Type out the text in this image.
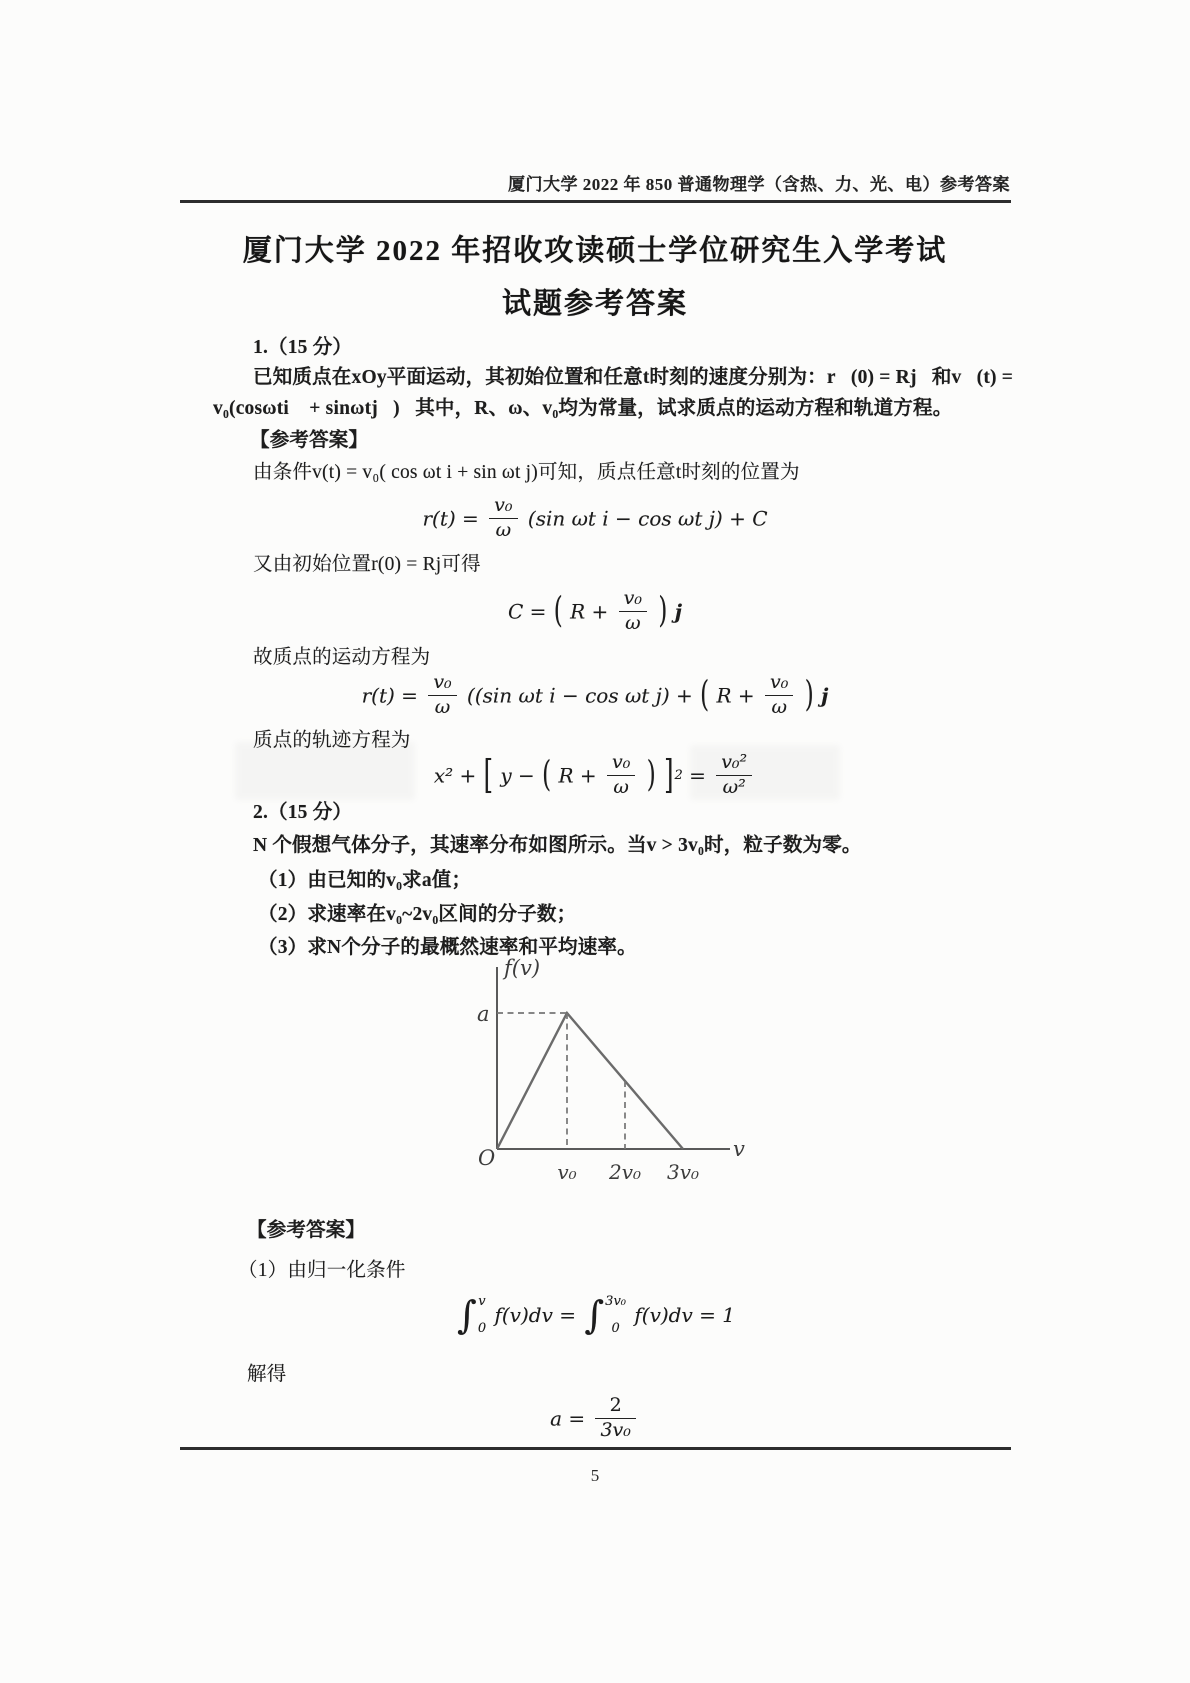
厦门大学 2022 年 850 普通物理学（含热、力、光、电）参考答案
厦门大学 2022 年招收攻读硕士学位研究生入学考试
试题参考答案
1.（15 分）
已知质点在xOy平面运动，其初始位置和任意t时刻的速度分别为：r⃗(0) = Rj⃗和v⃗(t) =
v₀(cosωti⃗ + sinωtj⃗)，其中，R、ω、v₀均为常量，试求质点的运动方程和轨道方程。
【参考答案】
由条件v(t) = v₀( cos ωt i + sin ωt j)可知，质点任意t时刻的位置为
$r(t) = \frac{\text{v₀}}{\omega} (\sin$ ωt i − cos ωt j) + C
又由初始位置r(0) = Rj可得
C = ( $R + \frac{\text{v₀}}{\omega}$ ) j
故质点的运动方程为
$r(t) = \frac{\text{v₀}}{\omega} ((\sin$ ωt i − cos ωt j) + ( $R + \frac{\text{v₀}}{\omega}$ ) j
质点的轨迹方程为
x² + [ y − ( $R + \frac{\text{v₀}}{\omega}$ ) ]$2 = \frac{\text{v₀²}}{\text{ω²}}$
2.（15 分）
N 个假想气体分子，其速率分布如图所示。当v > 3v₀时，粒子数为零。
（1）由已知的v₀求a值；
（2）求速率在v₀~2v₀区间的分子数；
（3）求N个分子的最概然速率和平均速率。
f(v)
v
O
a
v₀ 2v₀ 3v₀
【参考答案】
（1）由归一化条件
∫ v
0
f(v)dv = ∫ 3v₀
0
f(v)dv = 1
解得
$a = \frac{2}{\text{3v₀}}$
5
